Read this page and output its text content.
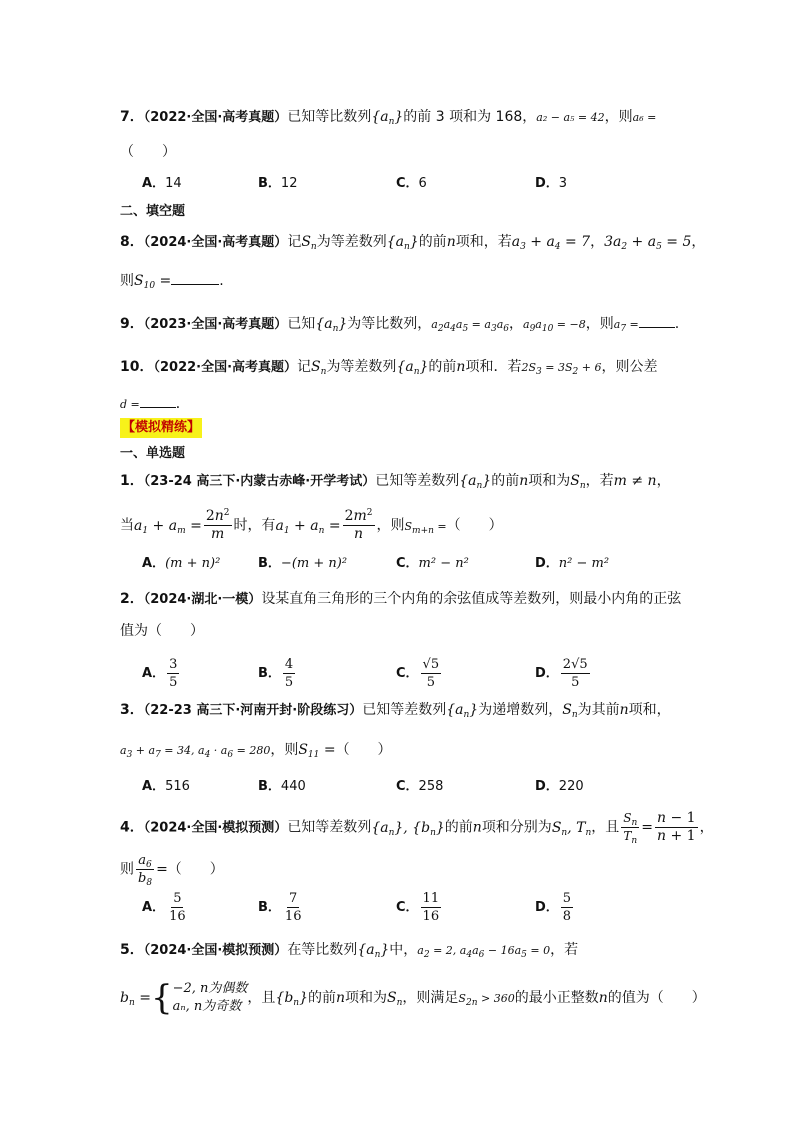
7．（2022·全国·高考真题）已知等比数列$\{a_n\}$的前 3 项和为 168，a₂ − a₅ = 42，则a₆ =
（　　）
A．14	B．12	C．6	D．3
二、填空题
8．（2024·全国·高考真题）记$S_n$为等差数列$\{a_n\}$的前n项和，若$a_3 + a_4 = 7$，$3a_2 + a_5 = 5$，
则$S_{10}$ =	.
9．（2023·全国·高考真题）已知$\{a_n\}$为等比数列，$a_2a_4a_5 = a_3a_6$，$a_9a_{10} = -8$，则$a_7$ =	.
10．（2022·全国·高考真题）记$S_n$为等差数列$\{a_n\}$的前n项和．若$2S_3 = 3S_2 + 6$，则公差
d =	．
【模拟精练】
一、单选题
1．（23-24 高三下·内蒙古赤峰·开学考试）已知等差数列$\{a_n\}$的前n项和为$S_n$，若m ≠ n，
当$a_1 + a_m = \frac{2n^2}{m}$ 时，有$a_1 + a_n = \frac{2m^2}{n}$ ，则$S_{m+n}$ =（　　）
A．(m + n)²	B．−(m + n)²	C．m² − n²	D．n² − m²
2．（2024·湖北·一模）设某直角三角形的三个内角的余弦值成等差数列，则最小内角的正弦
值为（　　）
A． $\frac{3}{5}$	B． $\frac{4}{5}$	C． $\frac{√5}{5}$	D． $\frac{2√5}{5}$
3．（22-23 高三下·河南开封·阶段练习）已知等差数列$\{a_n\}$为递增数列，$S_n$为其前n项和，
$a_3 + a_7 = 34$, $a_4 \cdot a_6 = 280$，则$S_{11}$ =（　　）
A．516	B．440	C．258	D．220
4．（2024·全国·模拟预测）已知等差数列$\{a_n\}$, $\{b_n\}$的前n项和分别为$S_n$, $T_n$，且 $\frac{S_n}{T_n} = \frac{n - 1}{n + 1}$ ，
则 $\frac{a_6}{b_8}$ =（　　）
A． $\frac{5}{16}$	B． $\frac{7}{16}$	C． $\frac{11}{16}$	D． $\frac{5}{8}$
5．（2024·全国·模拟预测）在等比数列$\{a_n\}$中，$a_2 = 2$, $a_4a_6 - 16a_5 = 0$，若
$b_n$ ={ −2, n为偶数
aₙ, n为奇数
，且$\{b_n\}$的前n项和为$S_n$，则满足$S_{2n} > 360$的最小正整数n的值为（　　）
